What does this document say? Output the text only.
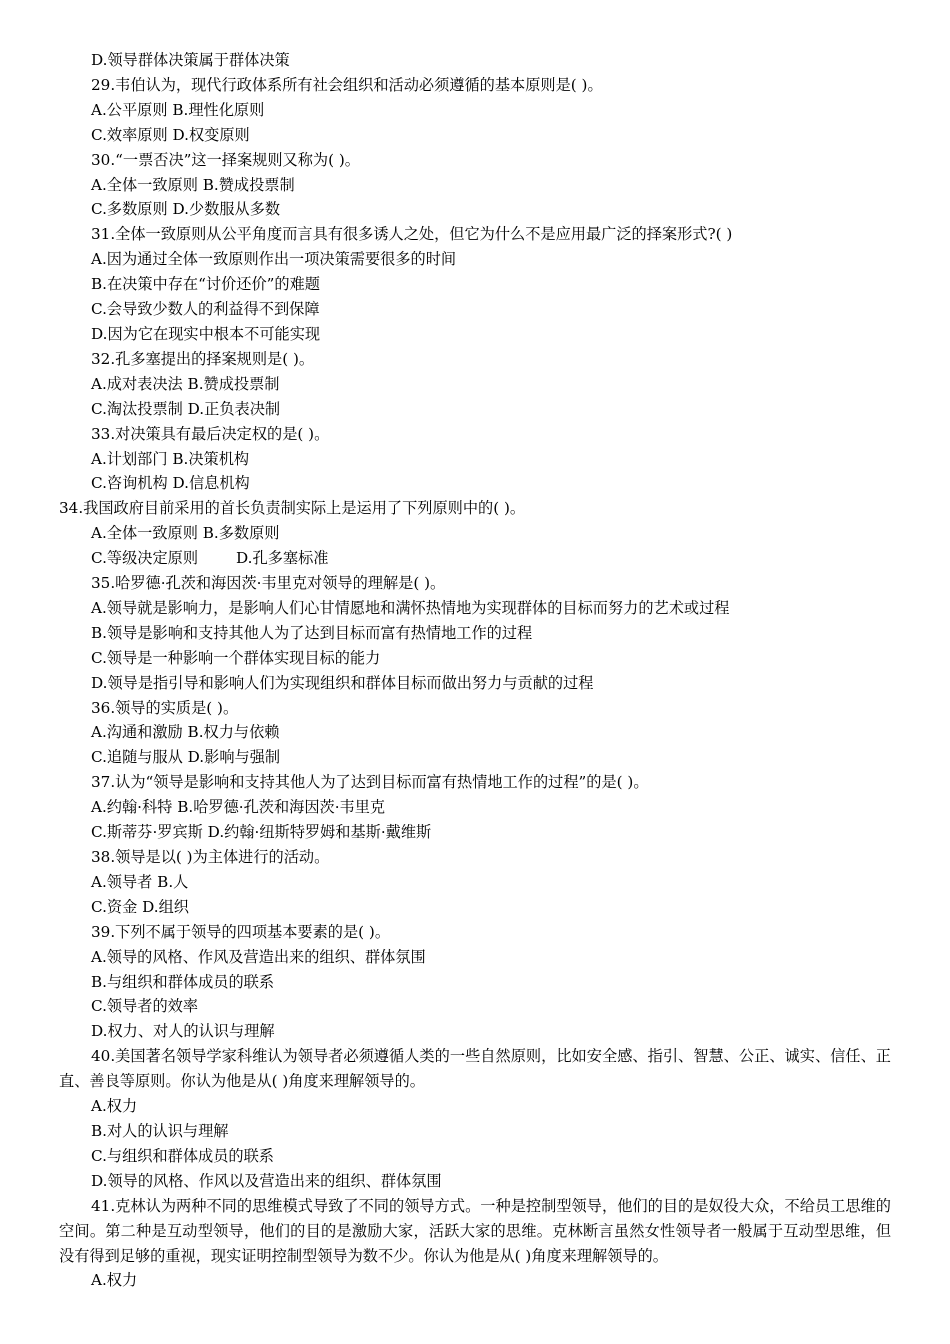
D.领导群体决策属于群体决策
29.韦伯认为，现代行政体系所有社会组织和活动必须遵循的基本原则是( )。
A.公平原则 B.理性化原则
C.效率原则 D.权变原则
30.“一票否决”这一择案规则又称为( )。
A.全体一致原则 B.赞成投票制
C.多数原则 D.少数服从多数
31.全体一致原则从公平角度而言具有很多诱人之处，但它为什么不是应用最广泛的择案形式?( )
A.因为通过全体一致原则作出一项决策需要很多的时间
B.在决策中存在“讨价还价”的难题
C.会导致少数人的利益得不到保障
D.因为它在现实中根本不可能实现
32.孔多塞提出的择案规则是( )。
A.成对表决法 B.赞成投票制
C.淘汰投票制 D.正负表决制
33.对决策具有最后决定权的是( )。
A.计划部门 B.决策机构
C.咨询机构 D.信息机构
34.我国政府目前采用的首长负责制实际上是运用了下列原则中的( )。
A.全体一致原则 B.多数原则
C.等级决定原则	D.孔多塞标准
35.哈罗德·孔茨和海因茨·韦里克对领导的理解是( )。
A.领导就是影响力，是影响人们心甘情愿地和满怀热情地为实现群体的目标而努力的艺术或过程
B.领导是影响和支持其他人为了达到目标而富有热情地工作的过程
C.领导是一种影响一个群体实现目标的能力
D.领导是指引导和影响人们为实现组织和群体目标而做出努力与贡献的过程
36.领导的实质是( )。
A.沟通和激励 B.权力与依赖
C.追随与服从 D.影响与强制
37.认为“领导是影响和支持其他人为了达到目标而富有热情地工作的过程”的是( )。
A.约翰·科特 B.哈罗德·孔茨和海因茨·韦里克
C.斯蒂芬·罗宾斯 D.约翰·纽斯特罗姆和基斯·戴维斯
38.领导是以( )为主体进行的活动。
A.领导者 B.人
C.资金 D.组织
39.下列不属于领导的四项基本要素的是( )。
A.领导的风格、作风及营造出来的组织、群体氛围
B.与组织和群体成员的联系
C.领导者的效率
D.权力、对人的认识与理解
40.美国著名领导学家科维认为领导者必须遵循人类的一些自然原则，比如安全感、指引、智慧、公正、诚实、信任、正直、善良等原则。你认为他是从( )角度来理解领导的。
A.权力
B.对人的认识与理解
C.与组织和群体成员的联系
D.领导的风格、作风以及营造出来的组织、群体氛围
41.克林认为两种不同的思维模式导致了不同的领导方式。一种是控制型领导，他们的目的是奴役大众，不给员工思维的空间。第二种是互动型领导，他们的目的是激励大家，活跃大家的思维。克林断言虽然女性领导者一般属于互动型思维，但没有得到足够的重视，现实证明控制型领导为数不少。你认为他是从( )角度来理解领导的。
A.权力
